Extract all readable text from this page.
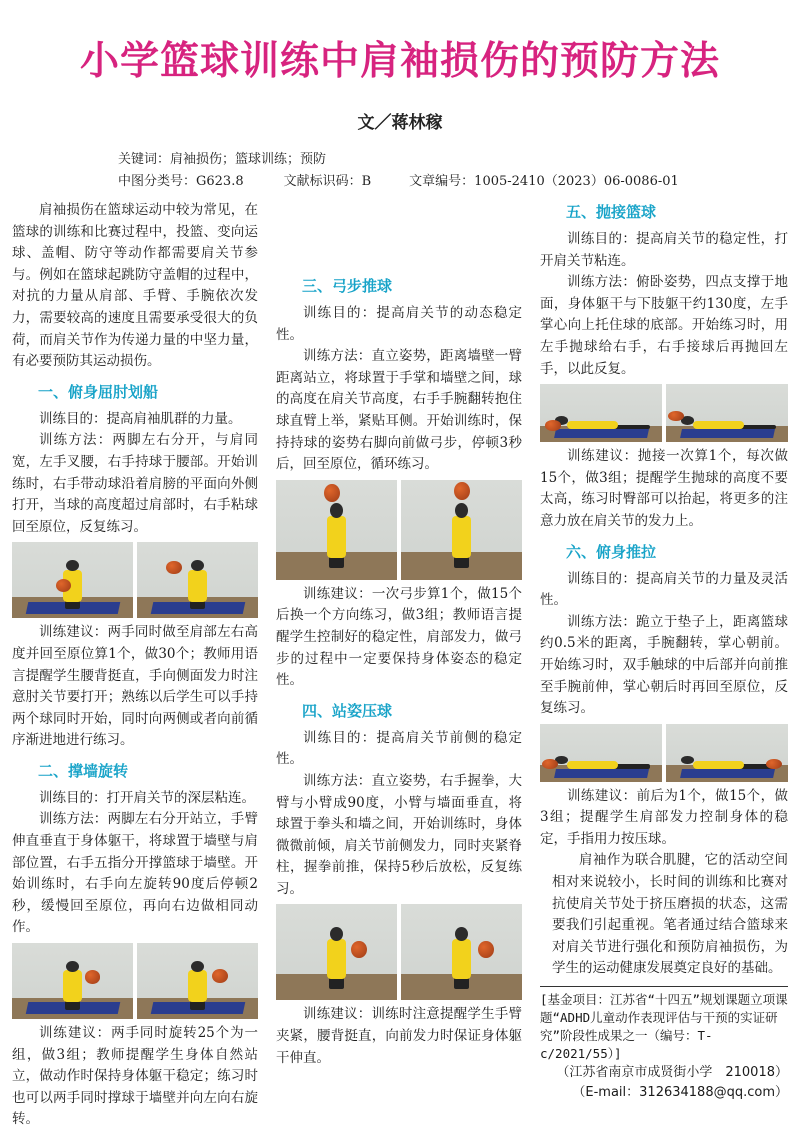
小学篮球训练中肩袖损伤的预防方法
文／蒋林稼
关键词：肩袖损伤；篮球训练；预防
中图分类号：G623.8	文献标识码：B	文章编号：1005-2410（2023）06-0086-01

肩袖损伤在篮球运动中较为常见，在篮球的训练和比赛过程中，投篮、变向运球、盖帽、防守等动作都需要肩关节参与。例如在篮球起跳防守盖帽的过程中，对抗的力量从肩部、手臂、手腕依次发力，需要较高的速度且需要承受很大的负荷，而肩关节作为传递力量的中坚力量，有必要预防其运动损伤。

一、俯身屈肘划船

训练目的：提高肩袖肌群的力量。

训练方法：两脚左右分开，与肩同宽，左手叉腰，右手持球于腰部。开始训练时，右手带动球沿着肩膀的平面向外侧打开，当球的高度超过肩部时，右手粘球回至原位，反复练习。

训练建议：两手同时做至肩部左右高度并回至原位算1个，做30个；教师用语言提醒学生腰背挺直，手向侧面发力时注意肘关节要打开；熟练以后学生可以手持两个球同时开始，同时向两侧或者向前循序渐进地进行练习。

二、撑墙旋转

训练目的：打开肩关节的深层粘连。

训练方法：两脚左右分开站立，手臂伸直垂直于身体躯干，将球置于墙壁与肩部位置，右手五指分开撑篮球于墙壁。开始训练时，右手向左旋转90度后停顿2秒，缓慢回至原位，再向右边做相同动作。

训练建议：两手同时旋转25个为一组，做3组；教师提醒学生身体自然站立，做动作时保持身体躯干稳定；练习时也可以两手同时撑球于墙壁并向左向右旋转。

三、弓步推球

训练目的：提高肩关节的动态稳定性。

训练方法：直立姿势，距离墙壁一臂距离站立，将球置于手掌和墙壁之间，球的高度在肩关节高度，右手手腕翻转抱住球直臂上举，紧贴耳侧。开始训练时，保持持球的姿势右脚向前做弓步，停顿3秒后，回至原位，循环练习。

训练建议：一次弓步算1个，做15个后换一个方向练习，做3组；教师语言提醒学生控制好的稳定性，肩部发力，做弓步的过程中一定要保持身体姿态的稳定性。

四、站姿压球

训练目的：提高肩关节前侧的稳定性。

训练方法：直立姿势，右手握拳，大臂与小臂成90度，小臂与墙面垂直，将球置于拳头和墙之间，开始训练时，身体微微前倾，肩关节前侧发力，同时夹紧脊柱，握拳前推，保持5秒后放松，反复练习。

训练建议：训练时注意提醒学生手臂夹紧，腰背挺直，向前发力时保证身体躯干伸直。

五、抛接篮球

训练目的：提高肩关节的稳定性，打开肩关节粘连。

训练方法：俯卧姿势，四点支撑于地面，身体躯干与下肢躯干约130度，左手掌心向上托住球的底部。开始练习时，用左手抛球给右手，右手接球后再抛回左手，以此反复。

训练建议：抛接一次算1个，每次做15个，做3组；提醒学生抛球的高度不要太高，练习时臀部可以抬起，将更多的注意力放在肩关节的发力上。

六、俯身推拉

训练目的：提高肩关节的力量及灵活性。

训练方法：跪立于垫子上，距离篮球约0.5米的距离，手腕翻转，掌心朝前。开始练习时，双手触球的中后部并向前推至手腕前伸，掌心朝后时再回至原位，反复练习。

训练建议：前后为1个，做15个，做3组；提醒学生肩部发力控制身体的稳定，手指用力按压球。

肩袖作为联合肌腱，它的活动空间相对来说较小，长时间的训练和比赛对抗使肩关节处于挤压磨损的状态，这需要我们引起重视。笔者通过结合篮球来对肩关节进行强化和预防肩袖损伤，为学生的运动健康发展奠定良好的基础。

[基金项目：江苏省“十四五”规划课题立项课题“ADHD儿童动作表现评估与干预的实证研究”阶段性成果之一（编号：T-c/2021/55）]
（江苏省南京市成贤街小学　210018）
（E-mail：312634188@qq.com）
